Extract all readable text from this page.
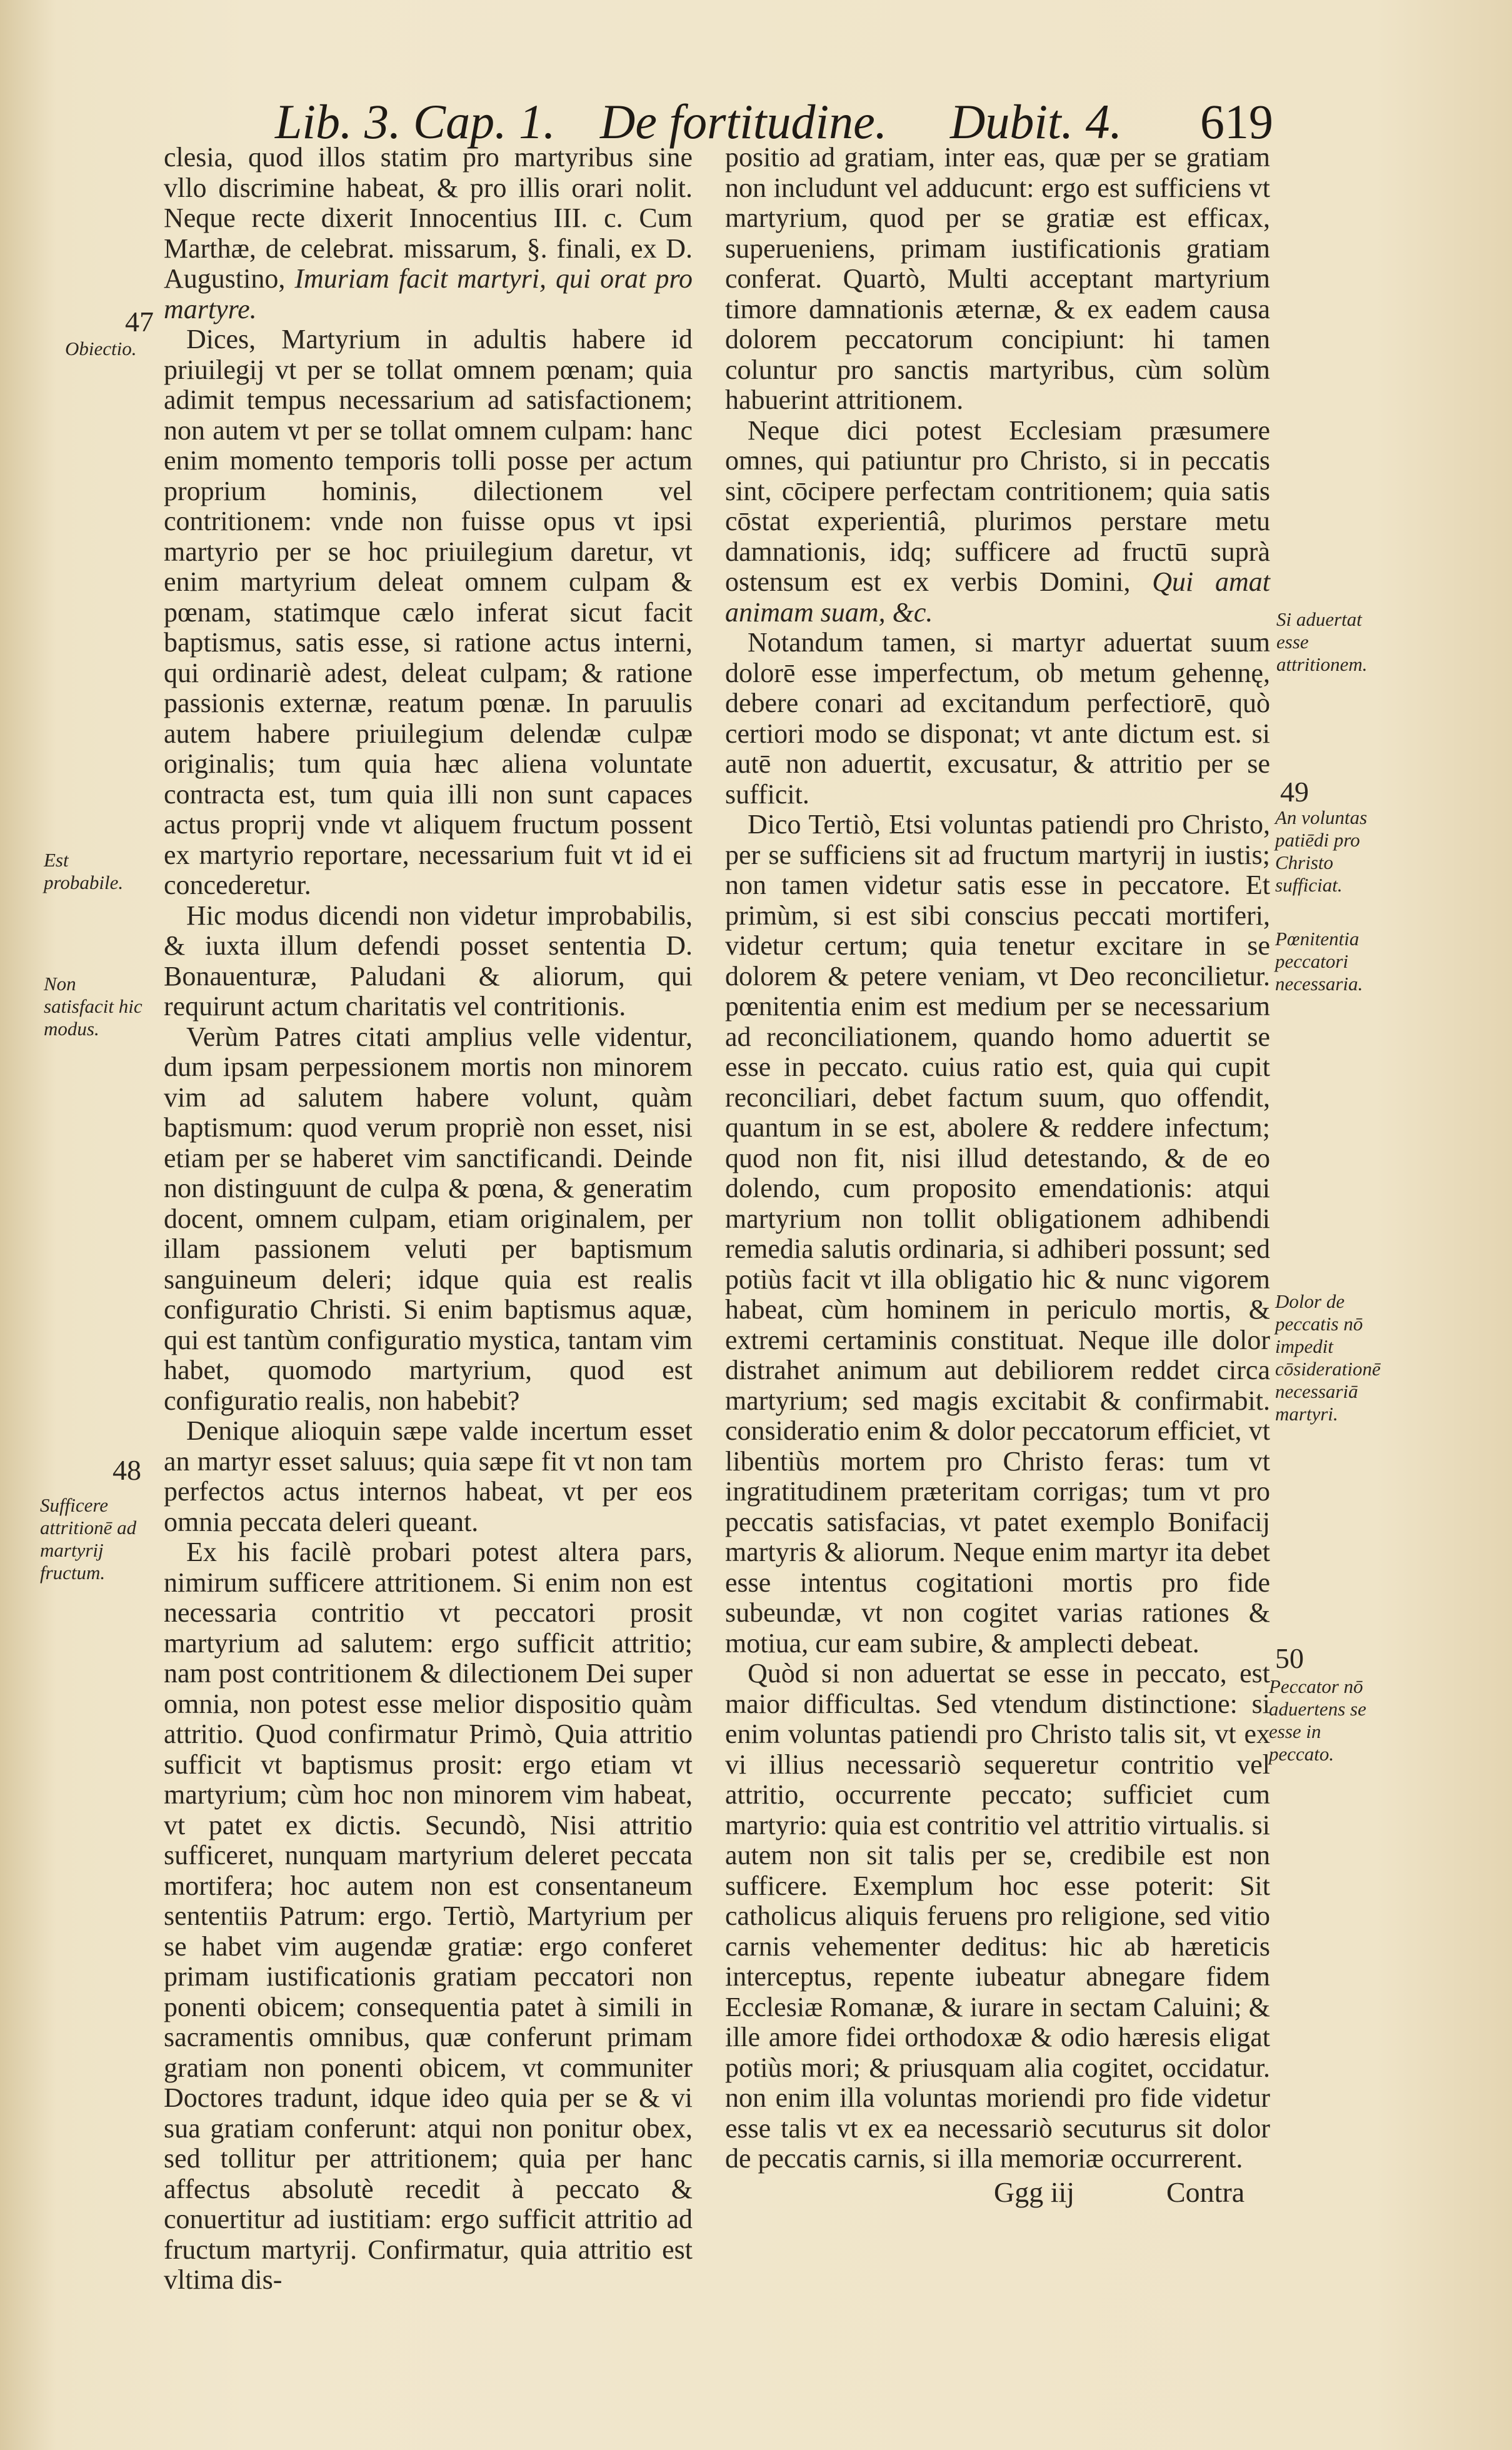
Lib. 3. Cap. 1. De fortitudine. Dubit. 4. 619

clesia, quod illos statim pro martyribus sine vllo discrimine habeat, & pro illis orari nolit. Neque recte dixerit Innocentius III. c. Cum Marthæ, de celebrat. missarum, §. finali, ex D. Augustino, Imuriam facit martyri, qui orat pro martyre.

Dices, Martyrium in adultis habere id priuilegij vt per se tollat omnem pœnam; quia adimit tempus necessarium ad satisfactionem; non autem vt per se tollat omnem culpam: hanc enim momento temporis tolli posse per actum proprium hominis, dilectionem vel contritionem: vnde non fuisse opus vt ipsi martyrio per se hoc priuilegium daretur, vt enim martyrium deleat omnem culpam & pœnam, statimque cælo inferat sicut facit baptismus, satis esse, si ratione actus interni, qui ordinariè adest, deleat culpam; & ratione passionis externæ, reatum pœnæ. In paruulis autem habere priuilegium delendæ culpæ originalis; tum quia hæc aliena voluntate contracta est, tum quia illi non sunt capaces actus proprij vnde vt aliquem fructum possent ex martyrio reportare, necessarium fuit vt id ei concederetur.

Hic modus dicendi non videtur improbabilis, & iuxta illum defendi posset sententia D. Bonauenturæ, Paludani & aliorum, qui requirunt actum charitatis vel contritionis.

Verùm Patres citati amplius velle videntur, dum ipsam perpessionem mortis non minorem vim ad salutem habere volunt, quàm baptismum: quod verum propriè non esset, nisi etiam per se haberet vim sanctificandi. Deinde non distinguunt de culpa & pœna, & generatim docent, omnem culpam, etiam originalem, per illam passionem veluti per baptismum sanguineum deleri; idque quia est realis configuratio Christi. Si enim baptismus aquæ, qui est tantùm configuratio mystica, tantam vim habet, quomodo martyrium, quod est configuratio realis, non habebit?

Denique alioquin sæpe valde incertum esset an martyr esset saluus; quia sæpe fit vt non tam perfectos actus internos habeat, vt per eos omnia peccata deleri queant.

Ex his facilè probari potest altera pars, nimirum sufficere attritionem. Si enim non est necessaria contritio vt peccatori prosit martyrium ad salutem: ergo sufficit attritio; nam post contritionem & dilectionem Dei super omnia, non potest esse melior dispositio quàm attritio. Quod confirmatur Primò, Quia attritio sufficit vt baptismus prosit: ergo etiam vt martyrium; cùm hoc non minorem vim habeat, vt patet ex dictis. Secundò, Nisi attritio sufficeret, nunquam martyrium deleret peccata mortifera; hoc autem non est consentaneum sententiis Patrum: ergo. Tertiò, Martyrium per se habet vim augendæ gratiæ: ergo conferet primam iustificationis gratiam peccatori non ponenti obicem; consequentia patet à simili in sacramentis omnibus, quæ conferunt primam gratiam non ponenti obicem, vt communiter Doctores tradunt, idque ideo quia per se & vi sua gratiam conferunt: atqui non ponitur obex, sed tollitur per attritionem; quia per hanc affectus absolutè recedit à peccato & conuertitur ad iustitiam: ergo sufficit attritio ad fructum martyrij. Confirmatur, quia attritio est vltima dis-

positio ad gratiam, inter eas, quæ per se gratiam non includunt vel adducunt: ergo est sufficiens vt martyrium, quod per se gratiæ est efficax, superueniens, primam iustificationis gratiam conferat. Quartò, Multi acceptant martyrium timore damnationis æternæ, & ex eadem causa dolorem peccatorum concipiunt: hi tamen coluntur pro sanctis martyribus, cùm solùm habuerint attritionem.

Neque dici potest Ecclesiam præsumere omnes, qui patiuntur pro Christo, si in peccatis sint, cōcipere perfectam contritionem; quia satis cōstat experientiâ, plurimos perstare metu damnationis, idq; sufficere ad fructū suprà ostensum est ex verbis Domini, Qui amat animam suam, &c.

Notandum tamen, si martyr aduertat suum dolorē esse imperfectum, ob metum gehennę, debere conari ad excitandum perfectiorē, quò certiori modo se disponat; vt ante dictum est. si autē non aduertit, excusatur, & attritio per se sufficit.

Dico Tertiò, Etsi voluntas patiendi pro Christo, per se sufficiens sit ad fructum martyrij in iustis; non tamen videtur satis esse in peccatore. Et primùm, si est sibi conscius peccati mortiferi, videtur certum; quia tenetur excitare in se dolorem & petere veniam, vt Deo reconcilietur. pœnitentia enim est medium per se necessarium ad reconciliationem, quando homo aduertit se esse in peccato. cuius ratio est, quia qui cupit reconciliari, debet factum suum, quo offendit, quantum in se est, abolere & reddere infectum; quod non fit, nisi illud detestando, & de eo dolendo, cum proposito emendationis: atqui martyrium non tollit obligationem adhibendi remedia salutis ordinaria, si adhiberi possunt; sed potiùs facit vt illa obligatio hic & nunc vigorem habeat, cùm hominem in periculo mortis, & extremi certaminis constituat. Neque ille dolor distrahet animum aut debiliorem reddet circa martyrium; sed magis excitabit & confirmabit. consideratio enim & dolor peccatorum efficiet, vt libentiùs mortem pro Christo feras: tum vt ingratitudinem præteritam corrigas; tum vt pro peccatis satisfacias, vt patet exemplo Bonifacij martyris & aliorum. Neque enim martyr ita debet esse intentus cogitationi mortis pro fide subeundæ, vt non cogitet varias rationes & motiua, cur eam subire, & amplecti debeat.

Quòd si non aduertat se esse in peccato, est maior difficultas. Sed vtendum distinctione: si enim voluntas patiendi pro Christo talis sit, vt ex vi illius necessariò sequeretur contritio vel attritio, occurrente peccato; sufficiet cum martyrio: quia est contritio vel attritio virtualis. si autem non sit talis per se, credibile est non sufficere. Exemplum hoc esse poterit: Sit catholicus aliquis feruens pro religione, sed vitio carnis vehementer deditus: hic ab hæreticis interceptus, repente iubeatur abnegare fidem Ecclesiæ Romanæ, & iurare in sectam Caluini; & ille amore fidei orthodoxæ & odio hæresis eligat potiùs mori; & priusquam alia cogitet, occidatur. non enim illa voluntas moriendi pro fide videtur esse talis vt ex ea necessariò secuturus sit dolor de peccatis carnis, si illa memoriæ occurrerent.

47
Obiectio.
Est probabile.
Non satisfacit hic modus.
48
Sufficere attritionē ad martyrij fructum.
Si aduertat esse attritionem.
49
An voluntas patiēdi pro Christo sufficiat.
Pœnitentia peccatori necessaria.
Dolor de peccatis nō impedit cōsiderationē necessariā martyri.
50
Peccator nō aduertens se esse in peccato.
Ggg iij	Contra
